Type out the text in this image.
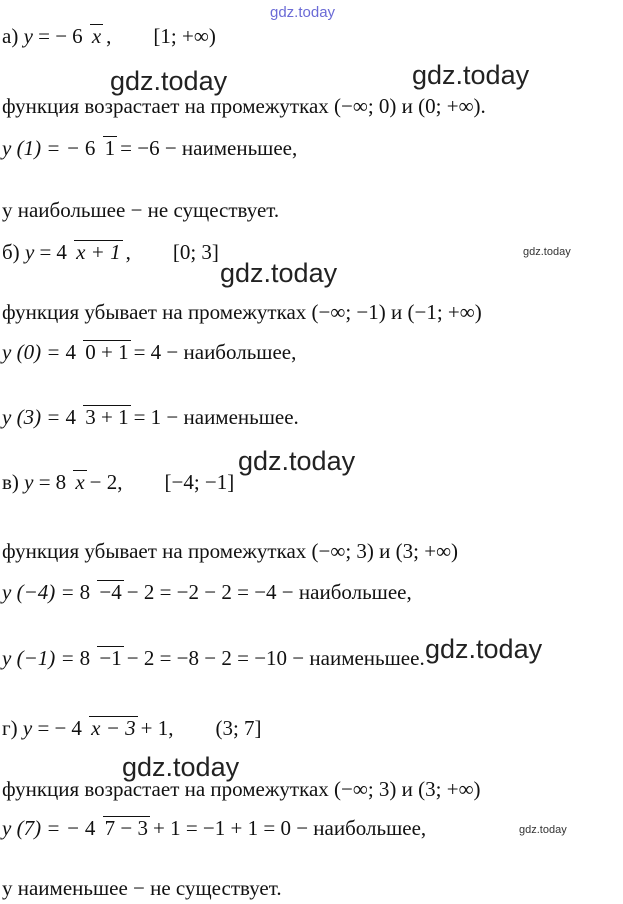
gdz.today
gdz.today	gdz.today
gdz.today
gdz.today
gdz.today
gdz.today
gdz.today
gdz.today
а)
y
= − 6 x , [1; +∞)
функция возрастает на промежутках (−∞; 0) и (0; +∞).
y (1) = − 6 1 = −6 − наименьшее,
y наибольшее − не существует.
б)
y
= 4 x + 1 , [0; 3]
функция убывает на промежутках (−∞; −1) и (−1; +∞)
y (0) = 4 0 + 1 = 4 − наибольшее,
y (3) = 4 3 + 1 = 1 − наименьшее.
в)
y
= 8 x − 2, [−4; −1]
функция убывает на промежутках (−∞; 3) и (3; +∞)
y (−4) = 8 −4 − 2 = −2 − 2 = −4 − наибольшее,
y (−1) = 8 −1 − 2 = −8 − 2 = −10 − наименьшее.
г)
y
= − 4 x − 3 + 1, (3; 7]
функция возрастает на промежутках (−∞; 3) и (3; +∞)
y (7) = − 4 7 − 3 + 1 = −1 + 1 = 0 − наибольшее,
y наименьшее − не существует.
